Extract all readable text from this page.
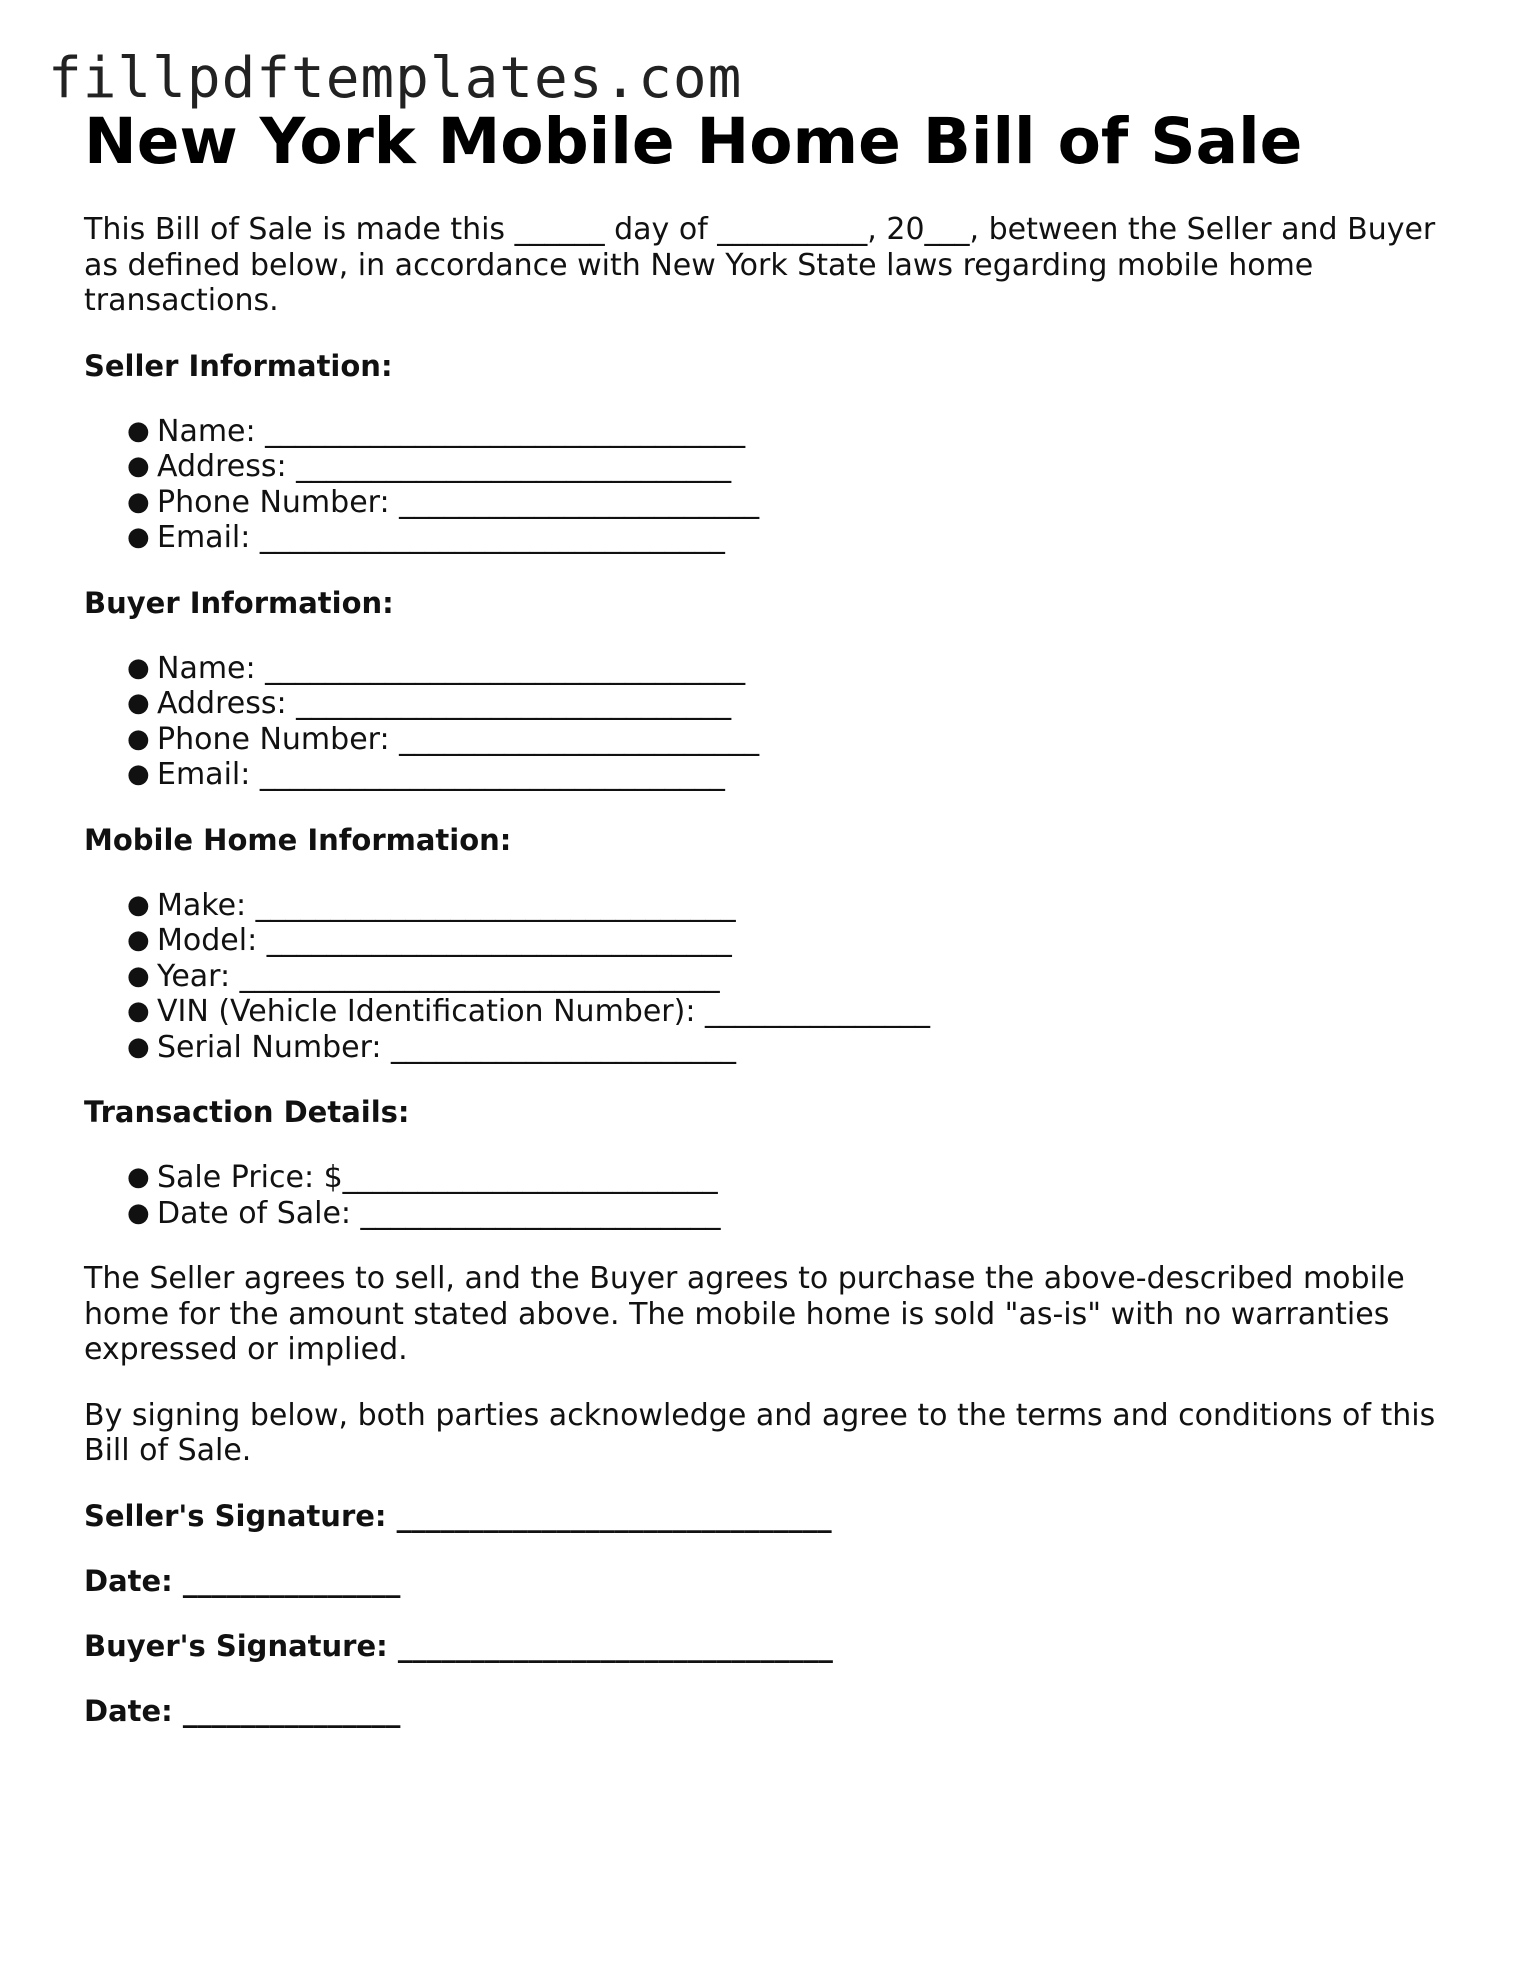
fillpdftemplates.com
New York Mobile Home Bill of Sale

This Bill of Sale is made this ______ day of __________, 20___, between the Seller and Buyer as defined below, in accordance with New York State laws regarding mobile home transactions.

Seller Information:
● Name: ________________________________
● Address: _____________________________
● Phone Number: ________________________
● Email: _______________________________
Buyer Information:
● Name: ________________________________
● Address: _____________________________
● Phone Number: ________________________
● Email: _______________________________
Mobile Home Information:
● Make: ________________________________
● Model: _______________________________
● Year: ________________________________
● VIN (Vehicle Identification Number): _______________
● Serial Number: _______________________
Transaction Details:
● Sale Price: $_________________________
● Date of Sale: ________________________

The Seller agrees to sell, and the Buyer agrees to purchase the above-described mobile home for the amount stated above. The mobile home is sold "as-is" with no warranties expressed or implied.

By signing below, both parties acknowledge and agree to the terms and conditions of this Bill of Sale.

Seller's Signature: ______________________________
Date: _______________
Buyer's Signature: ______________________________
Date: _______________
